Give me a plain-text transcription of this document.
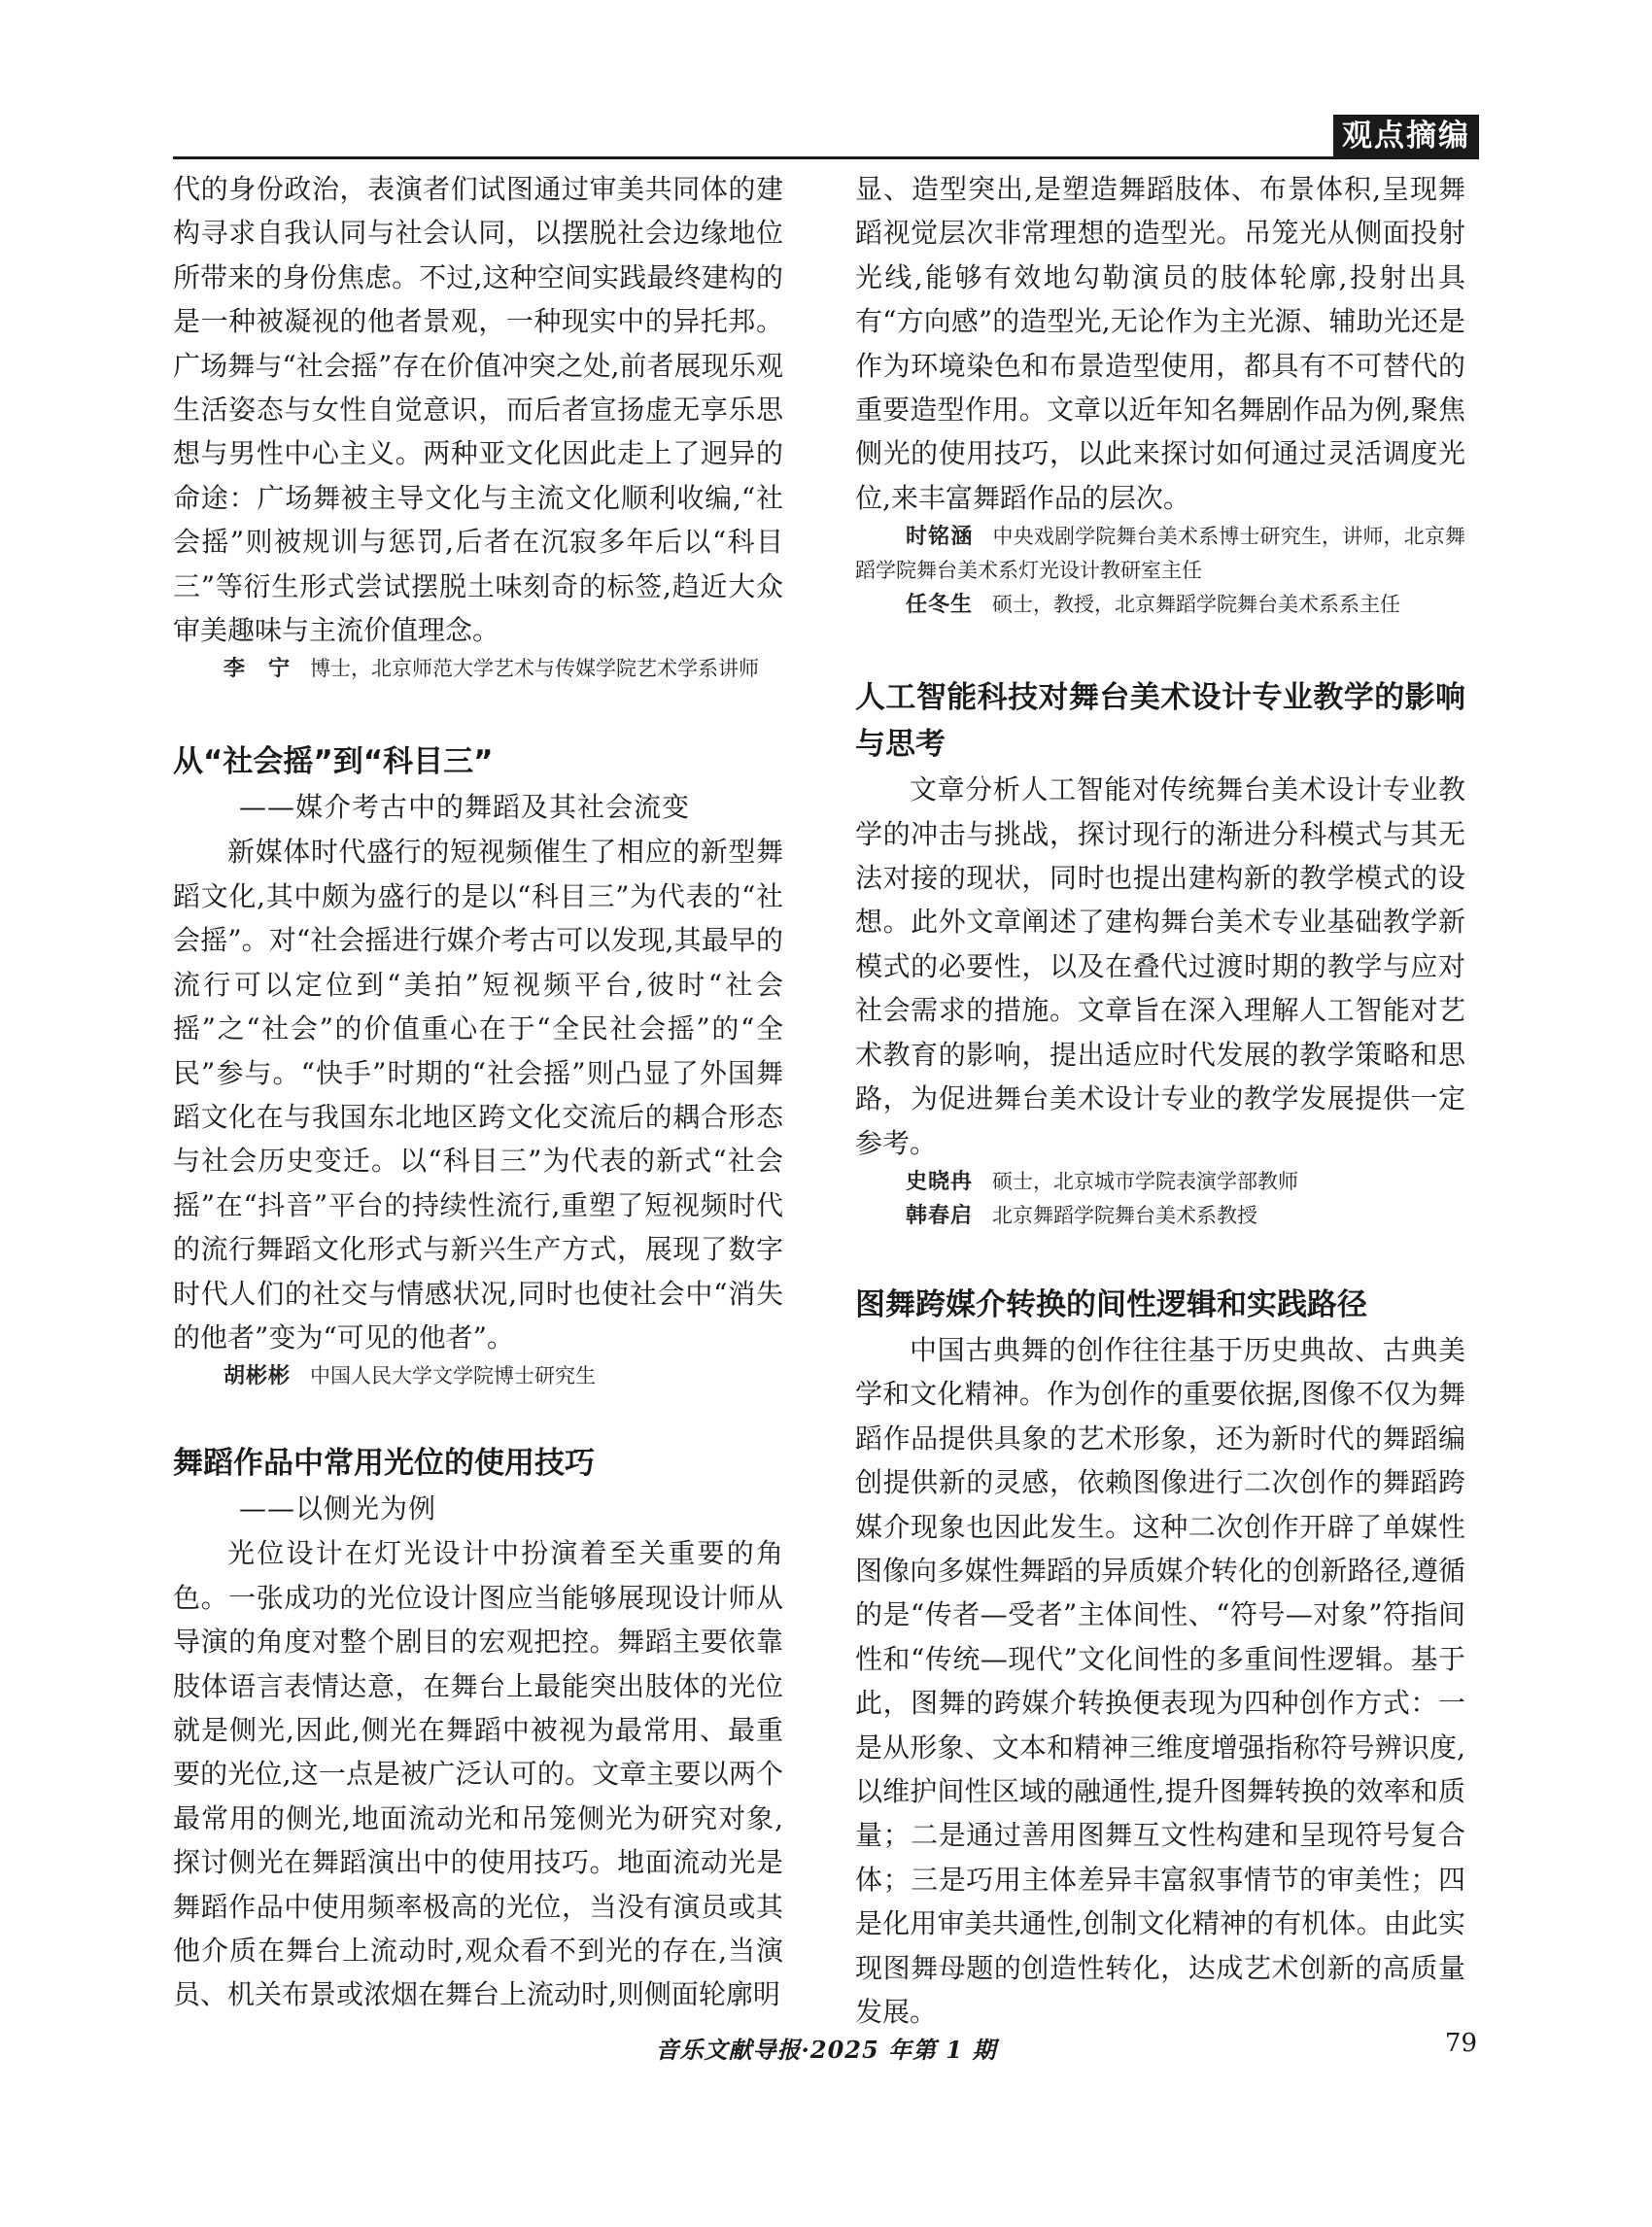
观点摘编

代的身份政治，表演者们试图通过审美共同体的建构寻求自我认同与社会认同，以摆脱社会边缘地位所带来的身份焦虑。不过,这种空间实践最终建构的是一种被凝视的他者景观，一种现实中的异托邦。广场舞与“社会摇”存在价值冲突之处,前者展现乐观生活姿态与女性自觉意识，而后者宣扬虚无享乐思想与男性中心主义。两种亚文化因此走上了迥异的命途：广场舞被主导文化与主流文化顺利收编,“社会摇”则被规训与惩罚,后者在沉寂多年后以“科目三”等衍生形式尝试摆脱土味刻奇的标签,趋近大众审美趣味与主流价值理念。

李　宁 博士，北京师范大学艺术与传媒学院艺术学系讲师

从“社会摇”到“科目三”

——媒介考古中的舞蹈及其社会流变

新媒体时代盛行的短视频催生了相应的新型舞蹈文化,其中颇为盛行的是以“科目三”为代表的“社会摇”。对“社会摇进行媒介考古可以发现,其最早的流行可以定位到“美拍”短视频平台,彼时“社会摇”之“社会”的价值重心在于“全民社会摇”的“全民”参与。“快手”时期的“社会摇”则凸显了外国舞蹈文化在与我国东北地区跨文化交流后的耦合形态与社会历史变迁。以“科目三”为代表的新式“社会摇”在“抖音”平台的持续性流行,重塑了短视频时代的流行舞蹈文化形式与新兴生产方式，展现了数字时代人们的社交与情感状况,同时也使社会中“消失的他者”变为“可见的他者”。

胡彬彬 中国人民大学文学院博士研究生

舞蹈作品中常用光位的使用技巧

——以侧光为例

光位设计在灯光设计中扮演着至关重要的角色。一张成功的光位设计图应当能够展现设计师从导演的角度对整个剧目的宏观把控。舞蹈主要依靠肢体语言表情达意，在舞台上最能突出肢体的光位就是侧光,因此,侧光在舞蹈中被视为最常用、最重要的光位,这一点是被广泛认可的。文章主要以两个最常用的侧光,地面流动光和吊笼侧光为研究对象,探讨侧光在舞蹈演出中的使用技巧。地面流动光是舞蹈作品中使用频率极高的光位，当没有演员或其他介质在舞台上流动时,观众看不到光的存在,当演员、机关布景或浓烟在舞台上流动时,则侧面轮廓明

显、造型突出,是塑造舞蹈肢体、布景体积,呈现舞蹈视觉层次非常理想的造型光。吊笼光从侧面投射光线,能够有效地勾勒演员的肢体轮廓,投射出具有“方向感”的造型光,无论作为主光源、辅助光还是作为环境染色和布景造型使用，都具有不可替代的重要造型作用。文章以近年知名舞剧作品为例,聚焦侧光的使用技巧，以此来探讨如何通过灵活调度光位,来丰富舞蹈作品的层次。

时铭涵 中央戏剧学院舞台美术系博士研究生，讲师，北京舞蹈学院舞台美术系灯光设计教研室主任

任冬生 硕士，教授，北京舞蹈学院舞台美术系系主任

人工智能科技对舞台美术设计专业教学的影响与思考

文章分析人工智能对传统舞台美术设计专业教学的冲击与挑战，探讨现行的渐进分科模式与其无法对接的现状，同时也提出建构新的教学模式的设想。此外文章阐述了建构舞台美术专业基础教学新模式的必要性，以及在叠代过渡时期的教学与应对社会需求的措施。文章旨在深入理解人工智能对艺术教育的影响，提出适应时代发展的教学策略和思路，为促进舞台美术设计专业的教学发展提供一定参考。

史晓冉 硕士，北京城市学院表演学部教师

韩春启 北京舞蹈学院舞台美术系教授

图舞跨媒介转换的间性逻辑和实践路径

中国古典舞的创作往往基于历史典故、古典美学和文化精神。作为创作的重要依据,图像不仅为舞蹈作品提供具象的艺术形象，还为新时代的舞蹈编创提供新的灵感，依赖图像进行二次创作的舞蹈跨媒介现象也因此发生。这种二次创作开辟了单媒性图像向多媒性舞蹈的异质媒介转化的创新路径,遵循的是“传者—受者”主体间性、“符号—对象”符指间性和“传统—现代”文化间性的多重间性逻辑。基于此，图舞的跨媒介转换便表现为四种创作方式：一是从形象、文本和精神三维度增强指称符号辨识度,以维护间性区域的融通性,提升图舞转换的效率和质量；二是通过善用图舞互文性构建和呈现符号复合体；三是巧用主体差异丰富叙事情节的审美性；四是化用审美共通性,创制文化精神的有机体。由此实现图舞母题的创造性转化，达成艺术创新的高质量发展。

音乐文献导报·2025 年第 1 期	79
